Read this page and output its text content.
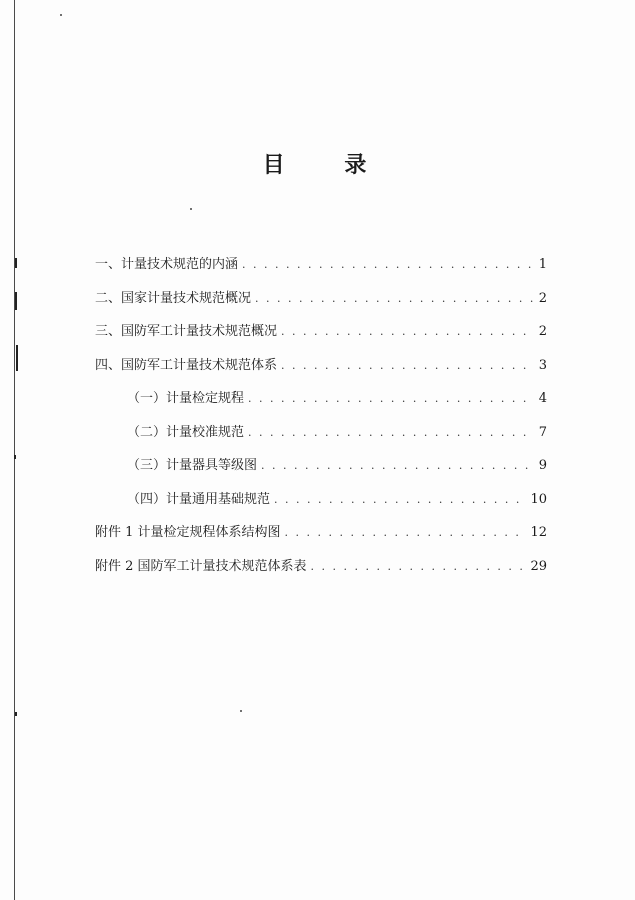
目 录
一、计量技术规范的内涵 . . .	1
二、国家计量技术规范概况 . . .	2
三、国防军工计量技术规范概况 . . .	2
四、国防军工计量技术规范体系 . . .	3
（一）计量检定规程 . . .	4
（二）计量校准规范 . . .	7
（三）计量器具等级图 . . .	9
（四）计量通用基础规范 . . .	10
附件 1 计量检定规程体系结构图 . . .	12
附件 2 国防军工计量技术规范体系表 . . .	29
